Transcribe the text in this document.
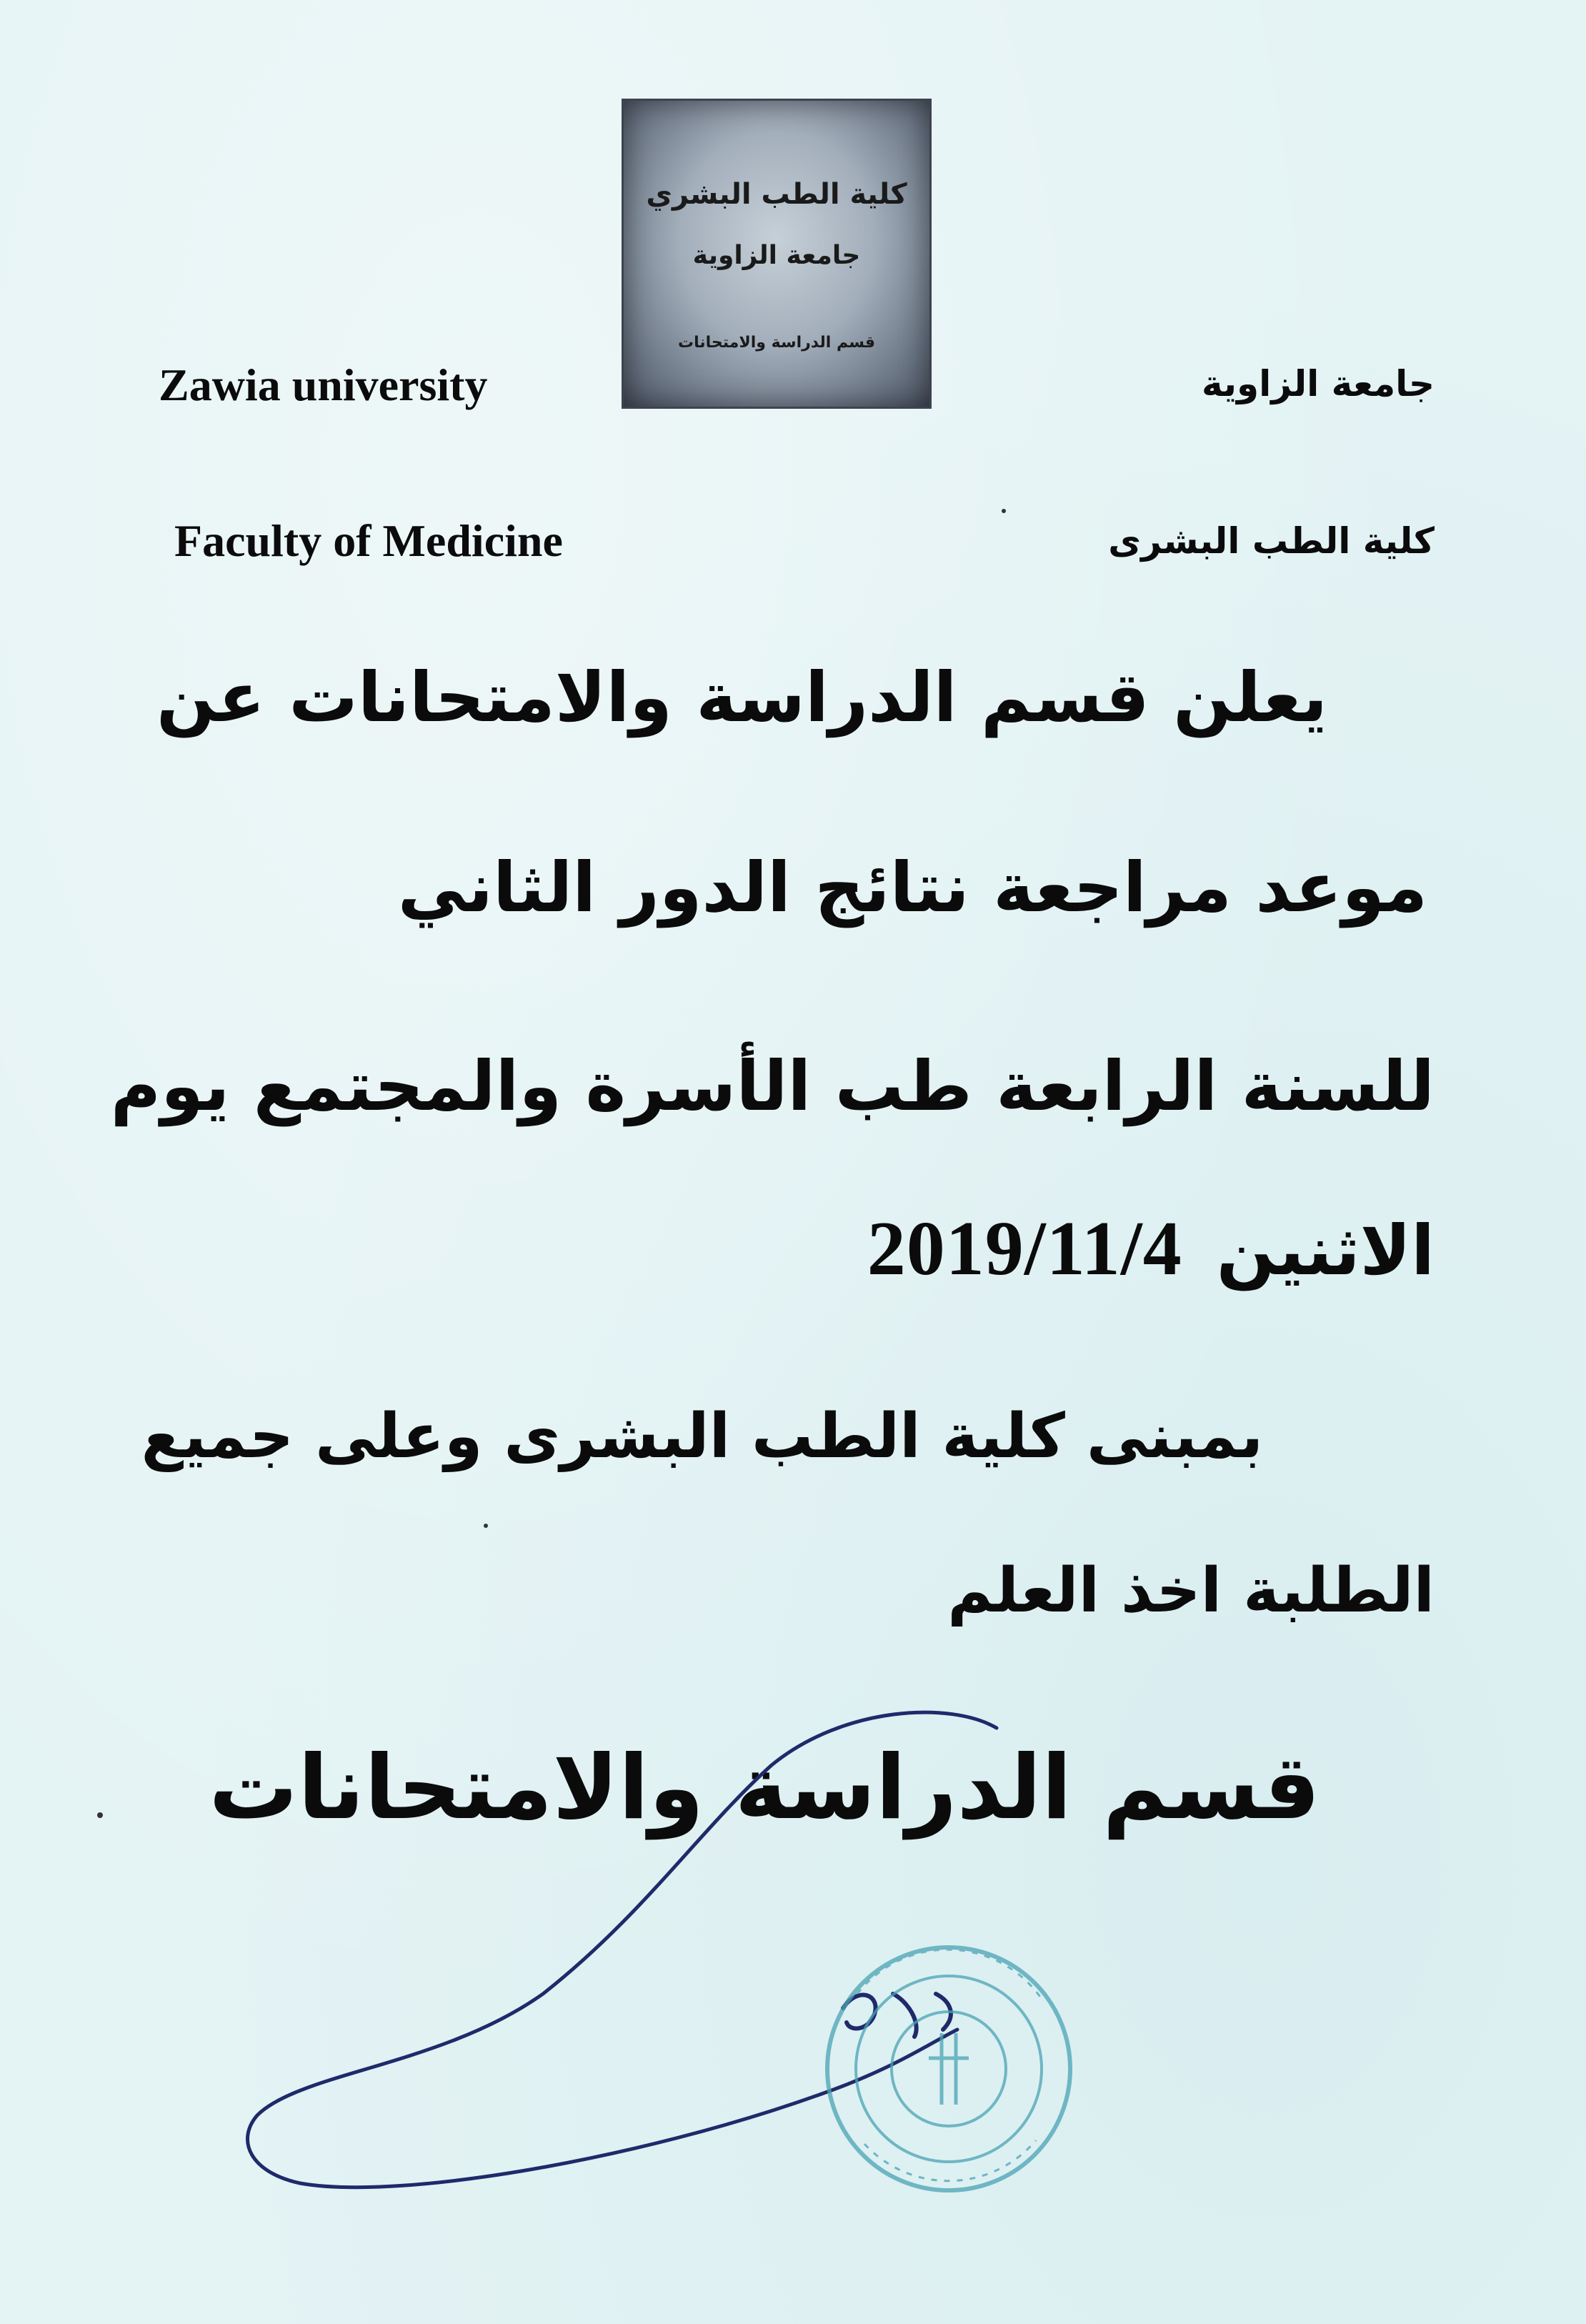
كلية الطب البشري
جامعة الزاوية
قسم الدراسة والامتحانات
Zawia university
Faculty of Medicine
جامعة الزاوية
كلية الطب البشرى
يعلن قسم الدراسة والامتحانات عن
موعد مراجعة نتائج الدور الثاني
للسنة الرابعة طب الأسرة والمجتمع يوم
الاثنين
2019/11/4
بمبنى كلية الطب البشرى وعلى جميع
الطلبة اخذ العلم
قسم الدراسة والامتحانات
